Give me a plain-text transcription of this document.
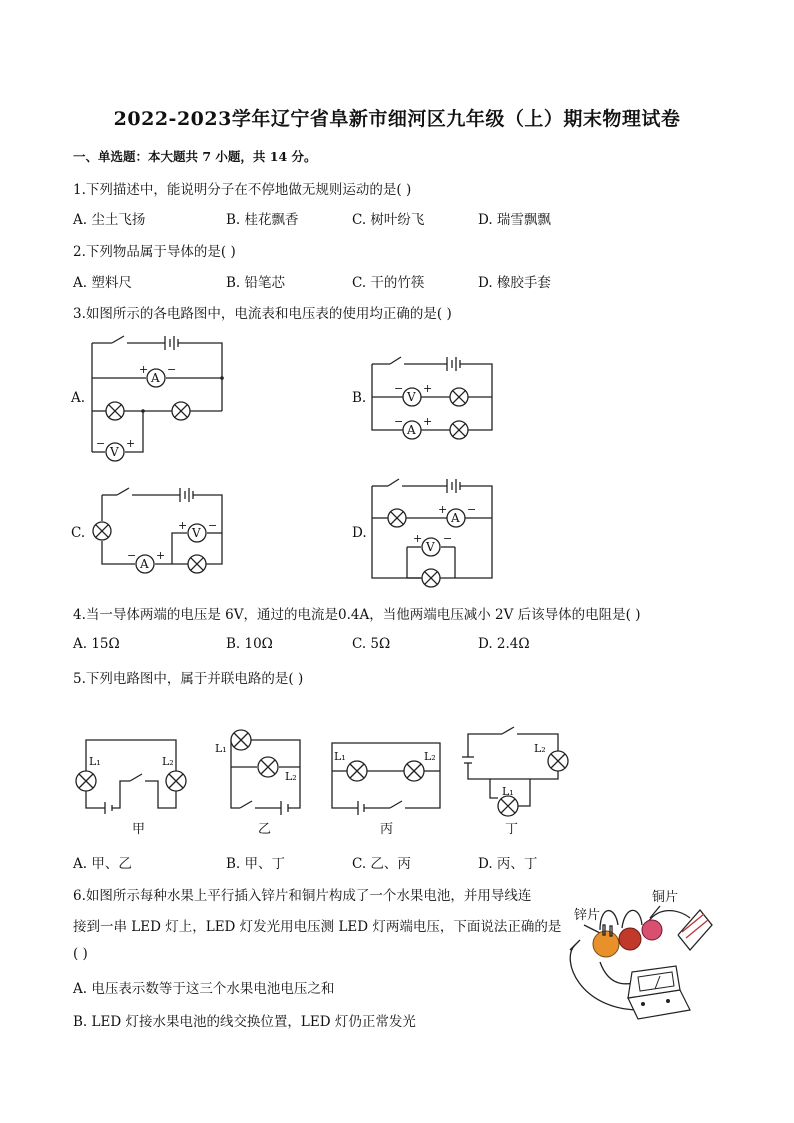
2022-2023学年辽宁省阜新市细河区九年级（上）期末物理试卷
一、单选题：本大题共 7 小题，共 14 分。
1.下列描述中，能说明分子在不停地做无规则运动的是( )
A. 尘土飞扬	B. 桂花飘香	C. 树叶纷飞	D. 瑞雪飘飘
2.下列物品属于导体的是( )
A. 塑料尺	B. 铅笔芯	C. 干的竹筷	D. 橡胶手套
3.如图所示的各电路图中，电流表和电压表的使用均正确的是( )
A.	B.
C.	D.
A
+ −
V
− +
V
− +
A
− +
A
− +
V
+ −
A
+ −
V
+ −
4.当一导体两端的电压是 6V，通过的电流是0.4A，当他两端电压减小 2V 后该导体的电阻是( )
A. 15Ω	B. 10Ω	C. 5Ω	D. 2.4Ω
5.下列电路图中，属于并联电路的是( )
L₁	L₂
L₁
L₂
L₁	L₂
L₂
L₁
甲	乙	丙	丁
A. 甲、乙	B. 甲、丁	C. 乙、丙	D. 丙、丁
6.如图所示每种水果上平行插入锌片和铜片构成了一个水果电池，并用导线连
接到一串 LED 灯上，LED 灯发光用电压测 LED 灯两端电压，下面说法正确的是
( )
A. 电压表示数等于这三个水果电池电压之和
B. LED 灯接水果电池的线交换位置，LED 灯仍正常发光
锌片
铜片
